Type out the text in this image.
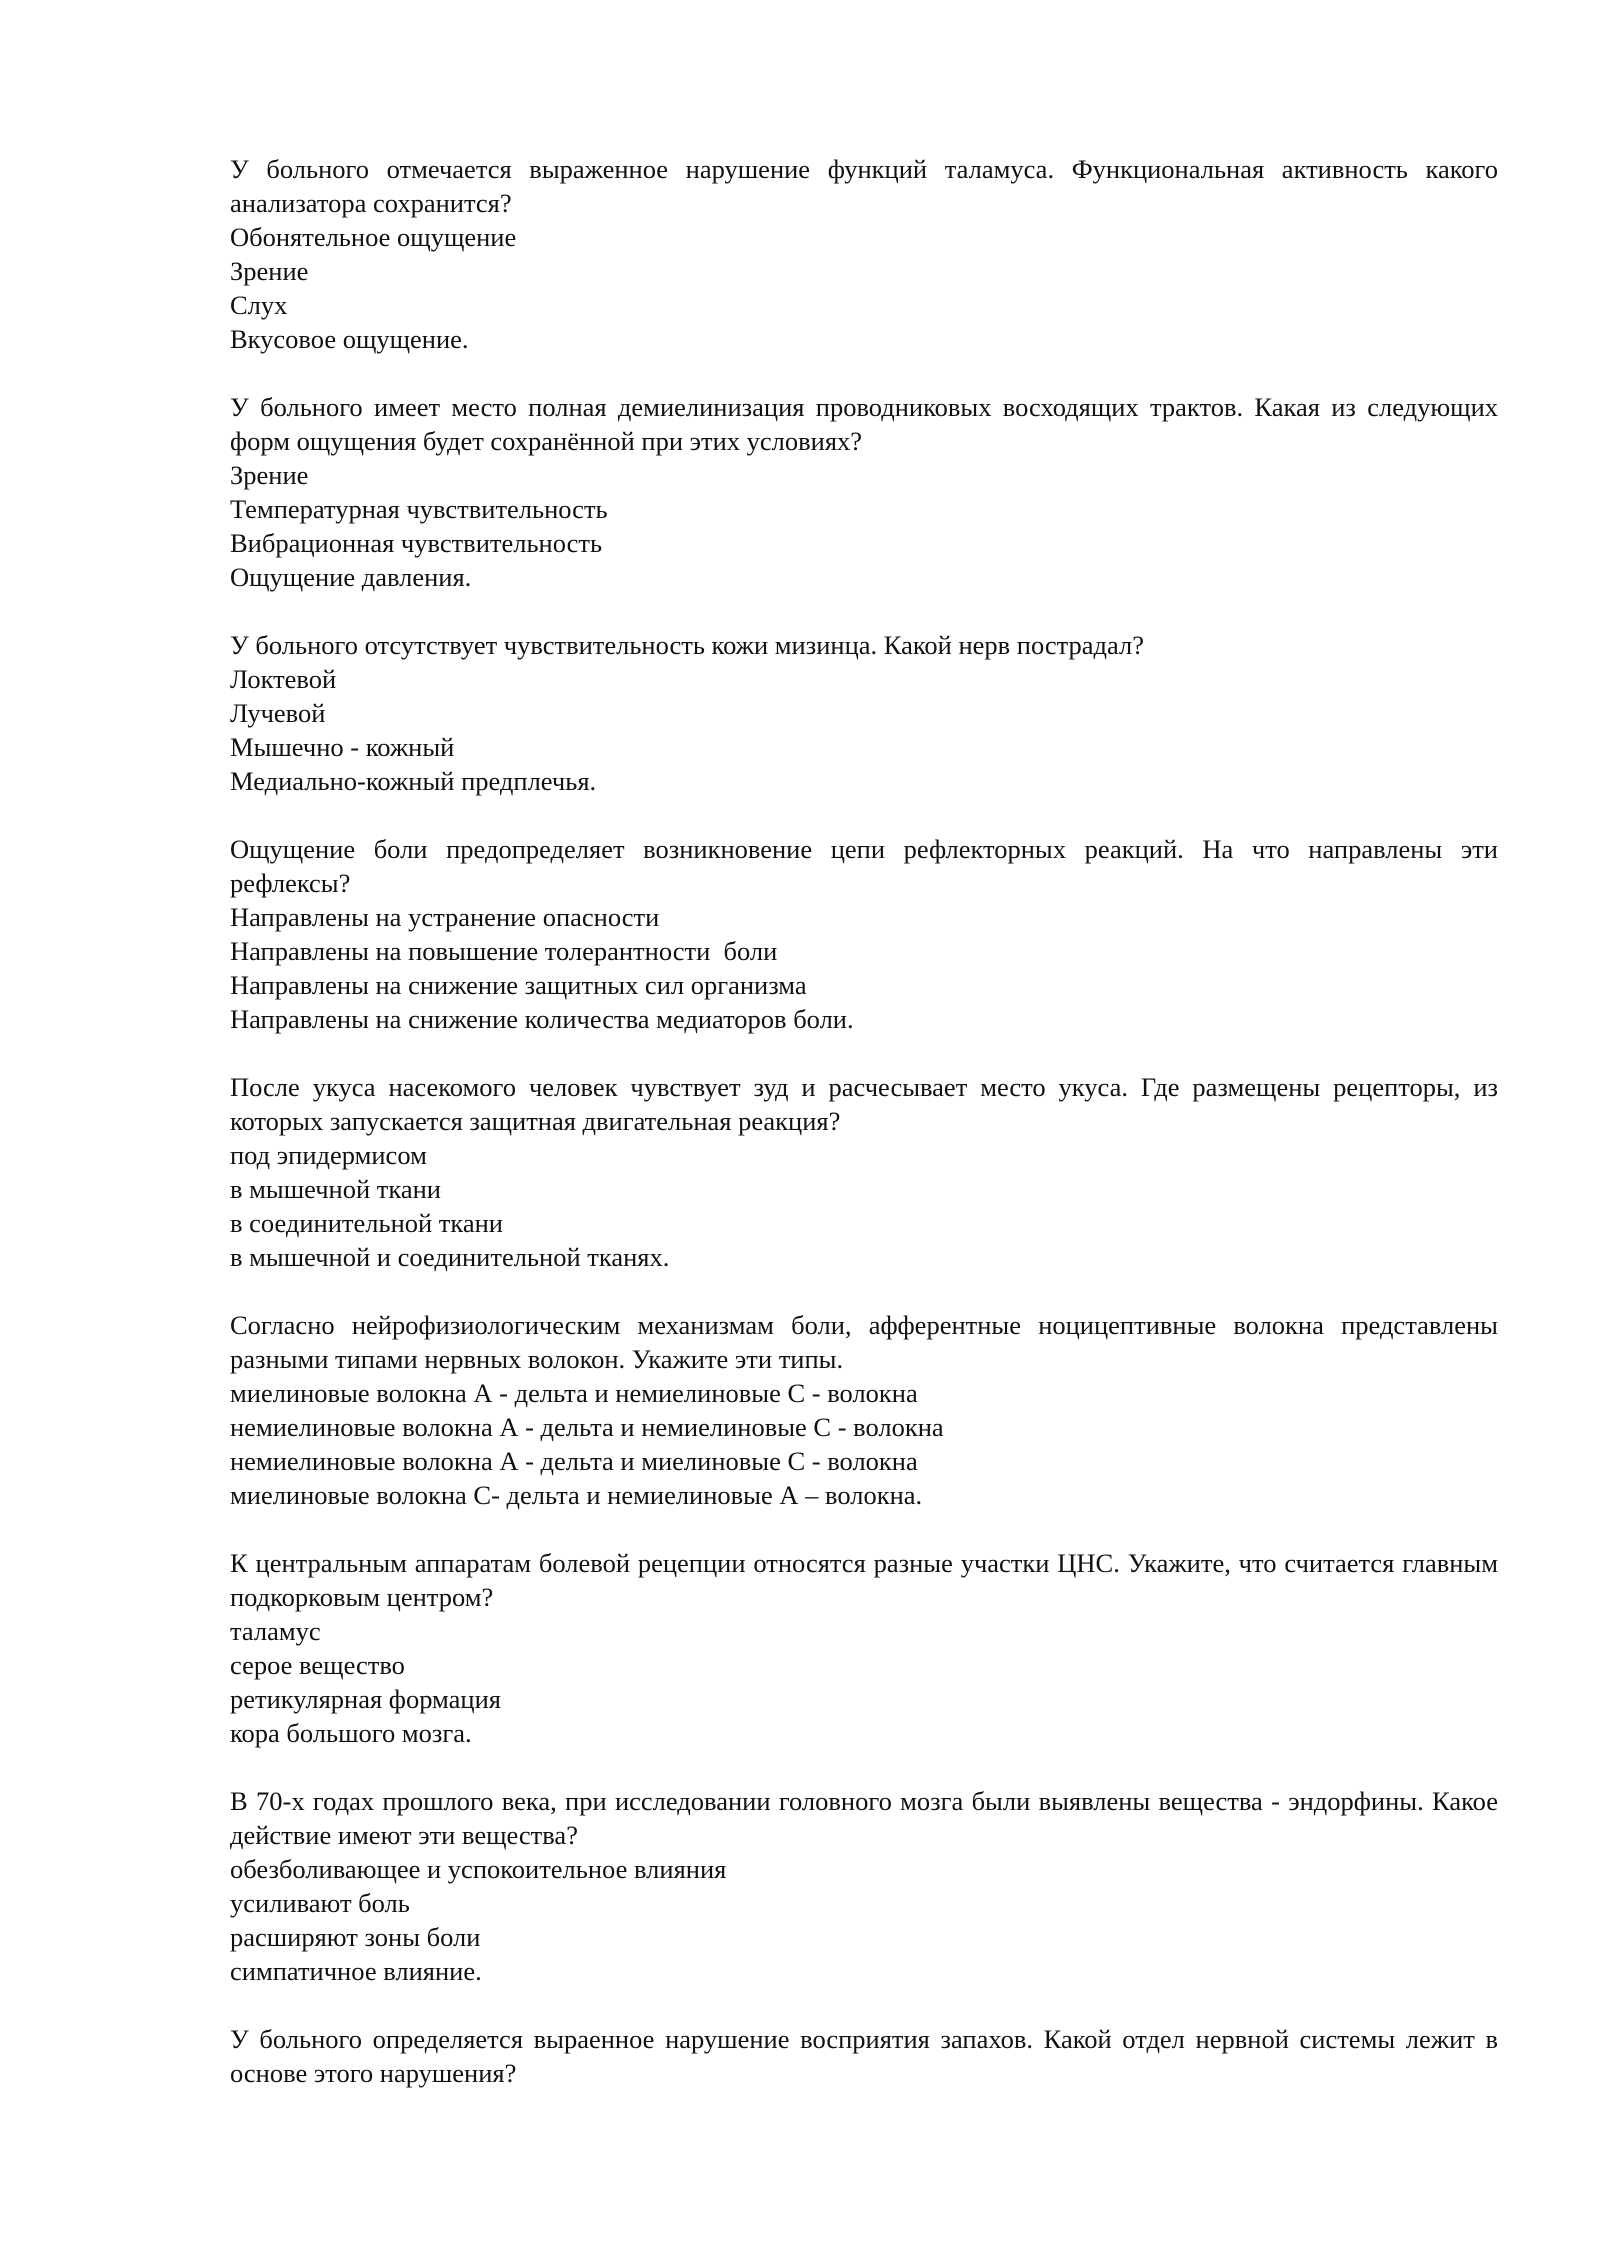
У больного отмечается выраженное нарушение функций таламуса. Функциональная активность какого анализатора сохранится?

Обонятельное ощущение
Зрение
Слух
Вкусовое ощущение.

У больного имеет место полная демиелинизация проводниковых восходящих трактов. Какая из следующих форм ощущения будет сохранённой при этих условиях?

Зрение
Температурная чувствительность
Вибрационная чувствительность
Ощущение давления.

У больного отсутствует чувствительность кожи мизинца. Какой нерв пострадал?

Локтевой
Лучевой
Мышечно - кожный
Медиально-кожный предплечья.

Ощущение боли предопределяет возникновение цепи рефлекторных реакций. На что направлены эти рефлексы?

Направлены на устранение опасности
Направлены на повышение толерантности  боли
Направлены на снижение защитных сил организма
Направлены на снижение количества медиаторов боли.

После укуса насекомого человек чувствует зуд и расчесывает место укуса. Где размещены рецепторы, из которых запускается защитная двигательная реакция?

под эпидермисом
в мышечной ткани
в соединительной ткани
в мышечной и соединительной тканях.

Согласно нейрофизиологическим механизмам боли, афферентные ноцицептивные волокна представлены разными типами нервных волокон. Укажите эти типы.

миелиновые волокна А - дельта и немиелиновые С - волокна
немиелиновые волокна А - дельта и немиелиновые С - волокна
немиелиновые волокна А - дельта и миелиновые С - волокна
миелиновые волокна С- дельта и немиелиновые А – волокна.

К центральным аппаратам болевой рецепции относятся разные участки ЦНС. Укажите, что считается главным подкорковым центром?

таламус
серое вещество
ретикулярная формация
кора большого мозга.

В 70-х годах прошлого века, при исследовании головного мозга были выявлены вещества - эндорфины. Какое действие имеют эти вещества?

обезболивающее и успокоительное влияния
усиливают боль
расширяют зоны боли
симпатичное влияние.

У больного определяется выраенное нарушение восприятия запахов. Какой отдел нервной системы лежит в основе этого нарушения?
